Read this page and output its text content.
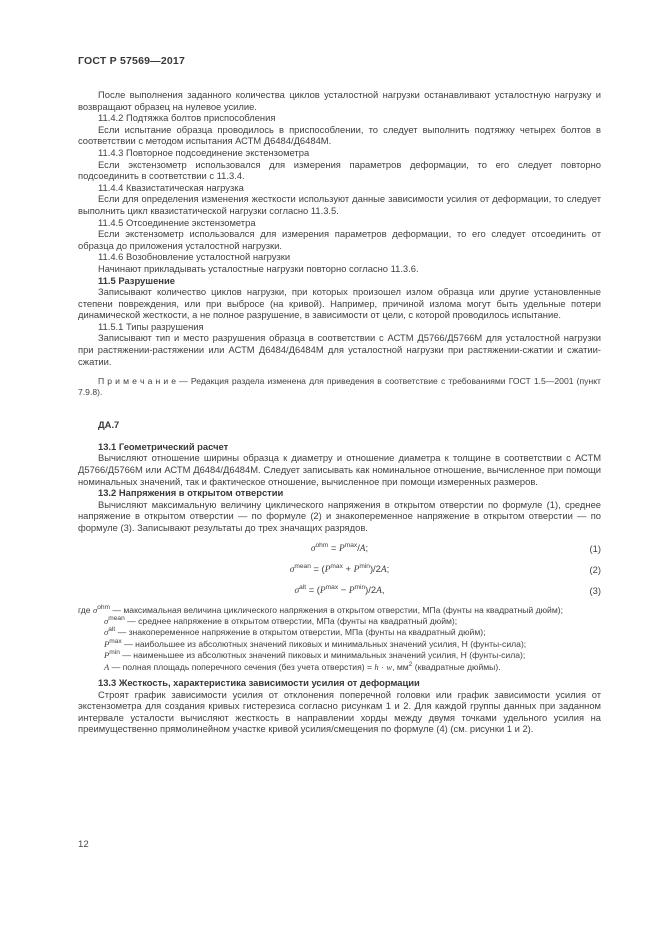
ГОСТ Р 57569—2017

После выполнения заданного количества циклов усталостной нагрузки останавливают усталостную нагрузку и возвращают образец на нулевое усилие.

11.4.2 Подтяжка болтов приспособления

Если испытание образца проводилось в приспособлении, то следует выполнить подтяжку четырех болтов в соответствии с методом испытания АСТМ Д6484/Д6484М.

11.4.3 Повторное подсоединение экстензометра

Если экстензометр использовался для измерения параметров деформации, то его следует повторно подсоединить в соответствии с 11.3.4.

11.4.4 Квазистатическая нагрузка

Если для определения изменения жесткости используют данные зависимости усилия от деформации, то следует выполнить цикл квазистатической нагрузки согласно 11.3.5.

11.4.5 Отсоединение экстензометра

Если экстензометр использовался для измерения параметров деформации, то его следует отсоединить от образца до приложения усталостной нагрузки.

11.4.6 Возобновление усталостной нагрузки

Начинают прикладывать усталостные нагрузки повторно согласно 11.3.6.

11.5 Разрушение

Записывают количество циклов нагрузки, при которых произошел излом образца или другие установленные степени повреждения, или при выбросе (на кривой). Например, причиной излома могут быть удельные потери динамической жесткости, а не полное разрушение, в зависимости от цели, с которой проводилось испытание.

11.5.1 Типы разрушения

Записывают тип и место разрушения образца в соответствии с АСТМ Д5766/Д5766М для усталостной нагрузки при растяжении-растяжении или АСТМ Д6484/Д6484М для усталостной нагрузки при растяжении-сжатии и сжатии-сжатии.

П р и м е ч а н и е — Редакция раздела изменена для приведения в соответствие с требованиями ГОСТ 1.5—2001 (пункт 7.9.8).

ДА.7

13.1 Геометрический расчет

Вычисляют отношение ширины образца к диаметру и отношение диаметра к толщине в соответствии с АСТМ Д5766/Д5766М или АСТМ Д6484/Д6484М. Следует записывать как номинальное отношение, вычисленное при помощи номинальных значений, так и фактическое отношение, вычисленное при помощи измеренных размеров.

13.2 Напряжения в открытом отверстии

Вычисляют максимальную величину циклического напряжения в открытом отверстии по формуле (1), среднее напряжение в открытом отверстии — по формуле (2) и знакопеременное напряжение в открытом отверстии — по формуле (3). Записывают результаты до трех значащих разрядов.

$\sigma^{ohm} = P^{max}/A$;	(1)
$\sigma^{mean} = (P^{max} + P^{min})/2A$;	(2)
$\sigma^{alt} = (P^{max} - P^{min})/2A$,	(3)

где $\sigma^{ohm}$ — максимальная величина циклического напряжения в открытом отверстии, МПа (фунты на квадратный дюйм);

$\sigma^{mean}$ — среднее напряжение в открытом отверстии, МПа (фунты на квадратный дюйм);

$\sigma^{alt}$ — знакопеременное напряжение в открытом отверстии, МПа (фунты на квадратный дюйм);

$P^{max}$ — наибольшее из абсолютных значений пиковых и минимальных значений усилия, Н (фунты-сила);

$P^{min}$ — наименьшее из абсолютных значений пиковых и минимальных значений усилия, Н (фунты-сила);

A — полная площадь поперечного сечения (без учета отверстия) = h · w, $мм^2$ (квадратные дюймы).

13.3 Жесткость, характеристика зависимости усилия от деформации

Строят график зависимости усилия от отклонения поперечной головки или график зависимости усилия от экстензометра для создания кривых гистерезиса согласно рисункам 1 и 2. Для каждой группы данных при заданном интервале усталости вычисляют жесткость в направлении хорды между двумя точками удельного усилия на преимущественно прямолинейном участке кривой усилия/смещения по формуле (4) (см. рисунки 1 и 2).

12
